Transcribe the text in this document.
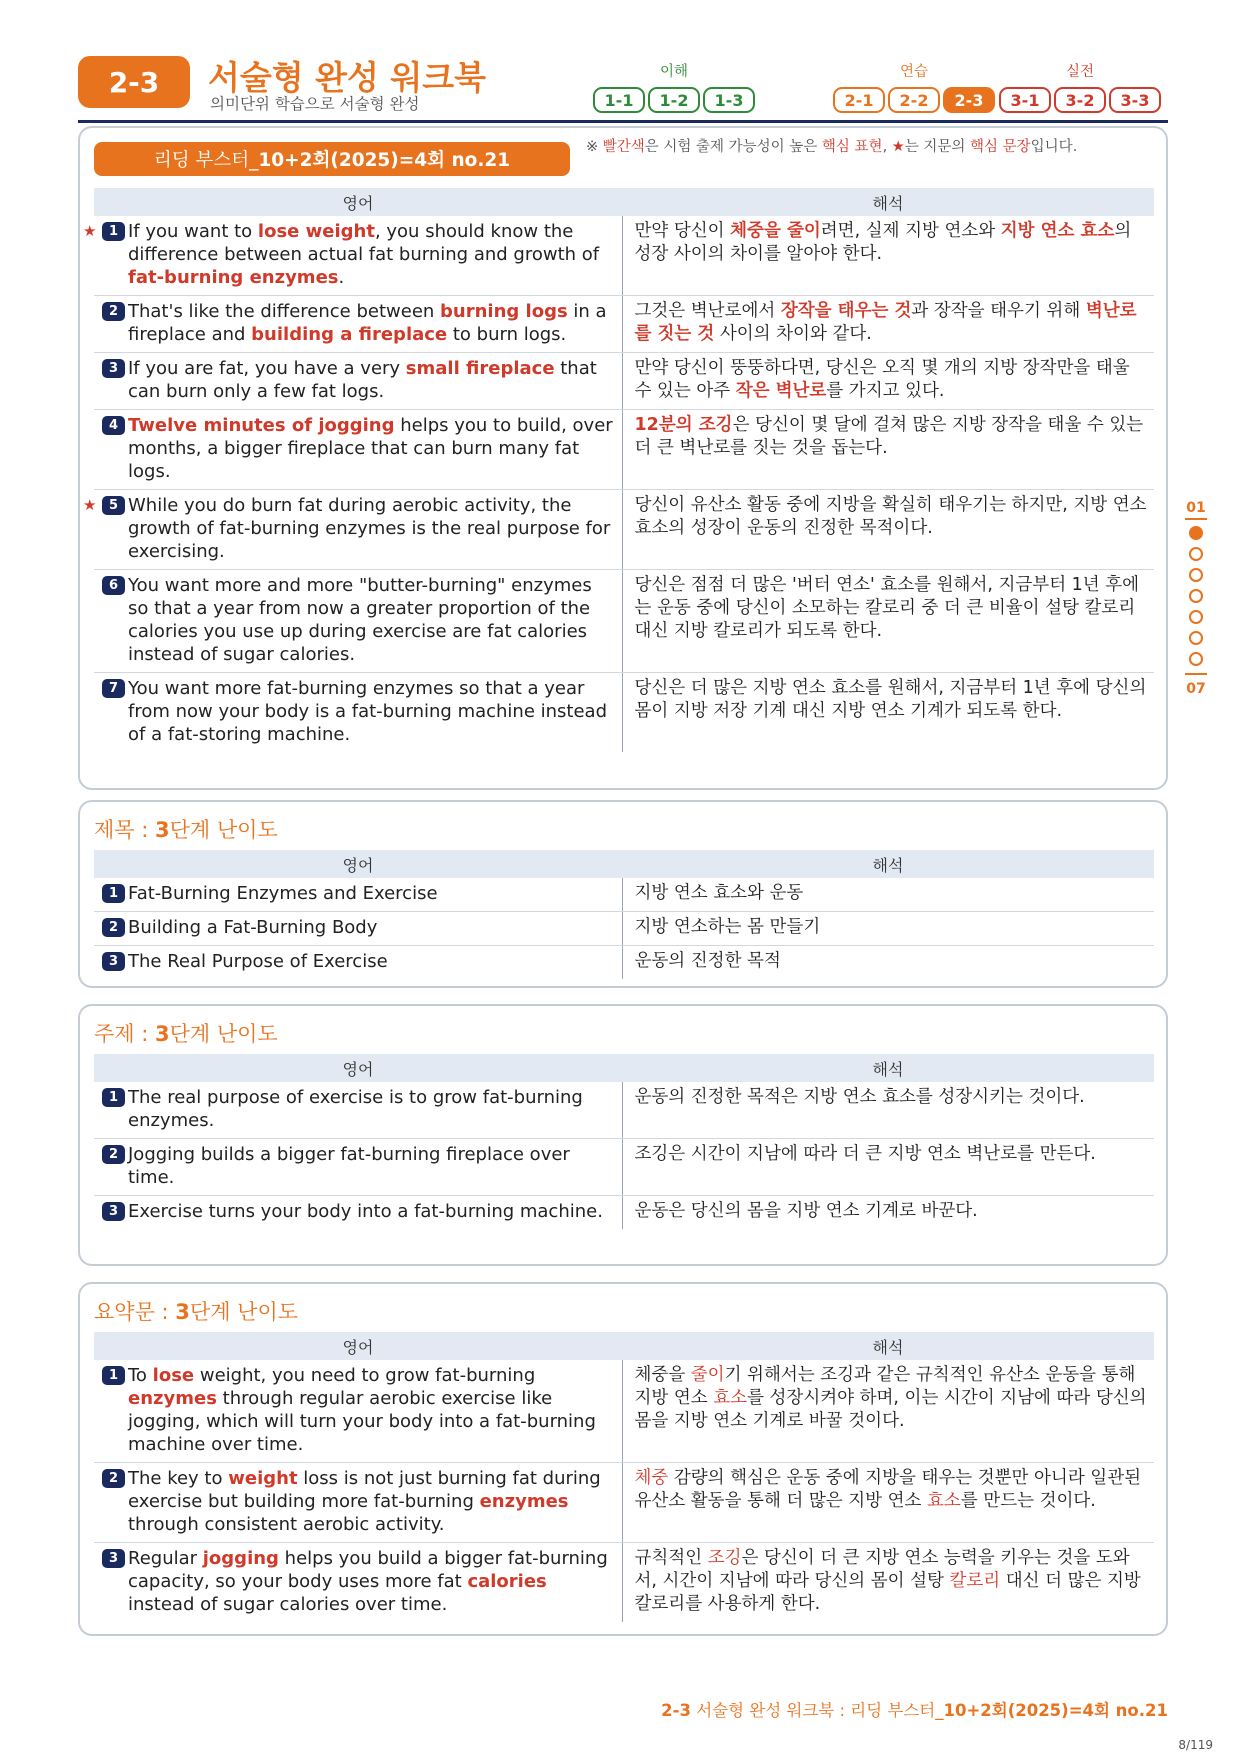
2-3	서술형 완성 워크북
의미단위 학습으로 서술형 완성
이해
1-1	1-2	1-3
연습
2-1	2-2	2-3
실전
3-1	3-2	3-3
리딩 부스터_ 10+2회(2025)=4회 no.21
※ 빨간색은 시험 출제 가능성이 높은 핵심 표현, ★는 지문의 핵심 문장입니다.
영어	해석

★ 1 If you want to lose weight, you should know the difference between actual fat burning and growth of fat-burning enzymes.	만약 당신이 체중을 줄이려면, 실제 지방 연소와 지방 연소 효소의 성장 사이의 차이를 알아야 한다.

2 That's like the difference between burning logs in a fireplace and building a fireplace to burn logs.	그것은 벽난로에서 장작을 태우는 것과 장작을 태우기 위해 벽난로를 짓는 것 사이의 차이와 같다.

3 If you are fat, you have a very small fireplace that can burn only a few fat logs.	만약 당신이 뚱뚱하다면, 당신은 오직 몇 개의 지방 장작만을 태울 수 있는 아주 작은 벽난로를 가지고 있다.

4 Twelve minutes of jogging helps you to build, over months, a bigger fireplace that can burn many fat logs.	12분의 조깅은 당신이 몇 달에 걸쳐 많은 지방 장작을 태울 수 있는 더 큰 벽난로를 짓는 것을 돕는다.

★ 5 While you do burn fat during aerobic activity, the growth of fat-burning enzymes is the real purpose for exercising.	당신이 유산소 활동 중에 지방을 확실히 태우기는 하지만, 지방 연소 효소의 성장이 운동의 진정한 목적이다.

6 You want more and more "butter-burning" enzymes so that a year from now a greater proportion of the calories you use up during exercise are fat calories instead of sugar calories.	당신은 점점 더 많은 '버터 연소' 효소를 원해서, 지금부터 1년 후에는 운동 중에 당신이 소모하는 칼로리 중 더 큰 비율이 설탕 칼로리 대신 지방 칼로리가 되도록 한다.

7 You want more fat-burning enzymes so that a year from now your body is a fat-burning machine instead of a fat-storing machine.	당신은 더 많은 지방 연소 효소를 원해서, 지금부터 1년 후에 당신의 몸이 지방 저장 기계 대신 지방 연소 기계가 되도록 한다.
제목 : 3단계 난이도
영어	해석

1 Fat-Burning Enzymes and Exercise	지방 연소 효소와 운동

2 Building a Fat-Burning Body	지방 연소하는 몸 만들기

3 The Real Purpose of Exercise	운동의 진정한 목적
주제 : 3단계 난이도
영어	해석

1 The real purpose of exercise is to grow fat-burning enzymes.	운동의 진정한 목적은 지방 연소 효소를 성장시키는 것이다.

2 Jogging builds a bigger fat-burning fireplace over time.	조깅은 시간이 지남에 따라 더 큰 지방 연소 벽난로를 만든다.

3 Exercise turns your body into a fat-burning machine.	운동은 당신의 몸을 지방 연소 기계로 바꾼다.
요약문 : 3단계 난이도
영어	해석

1 To lose weight, you need to grow fat-burning enzymes through regular aerobic exercise like jogging, which will turn your body into a fat-burning machine over time.	체중을 줄이기 위해서는 조깅과 같은 규칙적인 유산소 운동을 통해 지방 연소 효소를 성장시켜야 하며, 이는 시간이 지남에 따라 당신의 몸을 지방 연소 기계로 바꿀 것이다.

2 The key to weight loss is not just burning fat during exercise but building more fat-burning enzymes through consistent aerobic activity.	체중 감량의 핵심은 운동 중에 지방을 태우는 것뿐만 아니라 일관된 유산소 활동을 통해 더 많은 지방 연소 효소를 만드는 것이다.

3 Regular jogging helps you build a bigger fat-burning capacity, so your body uses more fat calories instead of sugar calories over time.	규칙적인 조깅은 당신이 더 큰 지방 연소 능력을 키우는 것을 도와서, 시간이 지남에 따라 당신의 몸이 설탕 칼로리 대신 더 많은 지방 칼로리를 사용하게 한다.
01
07
2-3 서술형 완성 워크북 : 리딩 부스터_10+2회(2025)=4회 no.21
8/119
